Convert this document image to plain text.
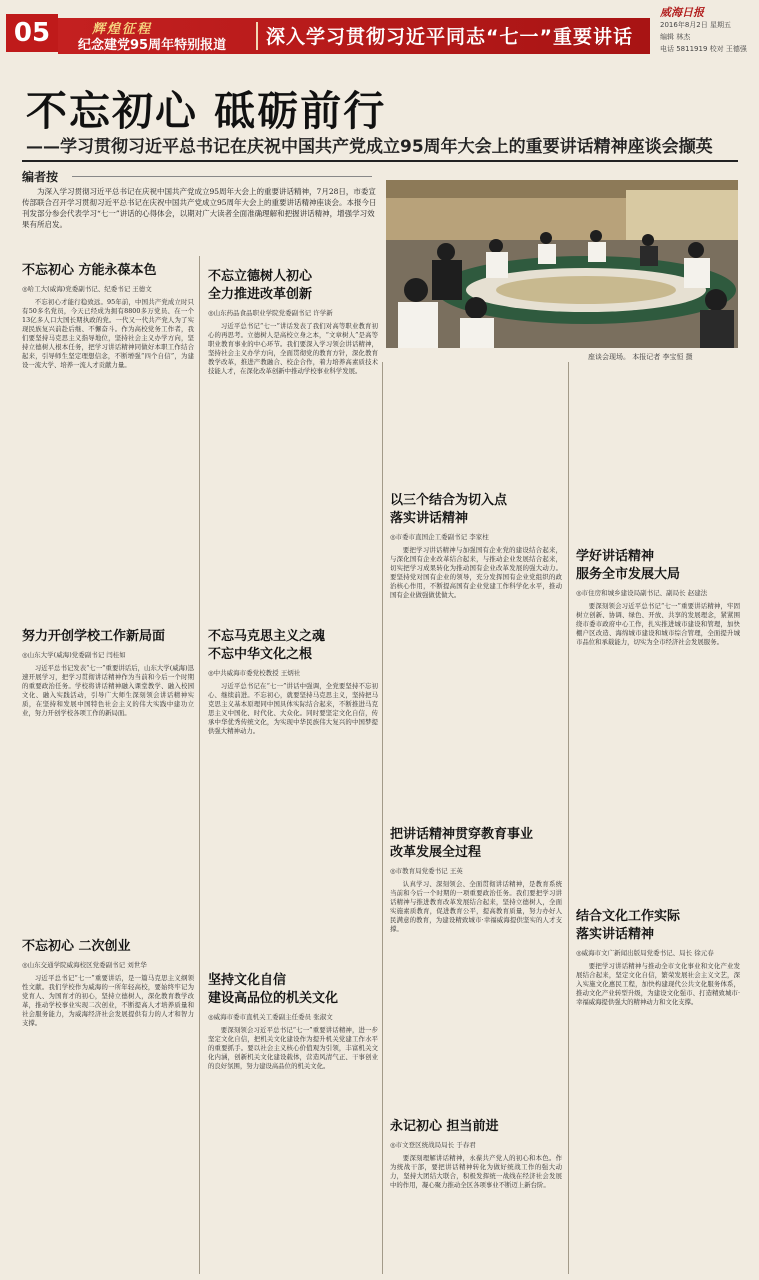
05	辉煌征程
纪念建党95周年特别报道 深入学习贯彻习近平同志“七一”重要讲话
威海日报
2016年8月2日 星期五
编辑 林杰
电话 5811919 校对 王德强
不忘初心 砥砺前行
——学习贯彻习近平总书记在庆祝中国共产党成立95周年大会上的重要讲话精神座谈会撷英
编者按
为深入学习贯彻习近平总书记在庆祝中国共产党成立95周年大会上的重要讲话精神，7月28日，市委宣传部联合召开学习贯彻习近平总书记在庆祝中国共产党成立95周年大会上的重要讲话精神座谈会。本报今日刊发部分参会代表学习“七一”讲话的心得体会，以期对广大读者全面准确理解和把握讲话精神，增强学习效果有所启发。
座谈会现场。 本报记者 李宝恒 摄
不忘初心 方能永葆本色
◎哈工大(威海)党委副书记、纪委书记 王德文

不忘初心才能行稳致远。95年前，中国共产党成立时只有50多名党员，今天已经成为拥有8800多万党员、在一个13亿多人口大国长期执政的党。一代又一代共产党人为了实现民族复兴前赴后继、不懈奋斗。作为高校党务工作者，我们要坚持马克思主义指导地位，坚持社会主义办学方向，坚持立德树人根本任务，把学习讲话精神同做好本职工作结合起来，引导师生坚定理想信念，不断增强“四个自信”，为建设一流大学、培养一流人才贡献力量。

努力开创学校工作新局面
◎山东大学(威海)党委副书记 闫桂如

习近平总书记发表“七一”重要讲话后，山东大学(威海)迅速开展学习，把学习贯彻讲话精神作为当前和今后一个时期的重要政治任务。学校将讲话精神融入课堂教学、融入校园文化、融入实践活动，引导广大师生深刻领会讲话精神实质，在坚持和发展中国特色社会主义的伟大实践中建功立业，努力开创学校各项工作的新局面。

不忘初心 二次创业
◎山东交通学院威海校区党委副书记 刘世华

习近平总书记“七一”重要讲话，是一篇马克思主义纲领性文献。我们学校作为威海的一所年轻高校，要始终牢记为党育人、为国育才的初心，坚持立德树人，深化教育教学改革，推动学校事业实现二次创业，不断提高人才培养质量和社会服务能力，为威海经济社会发展提供有力的人才和智力支撑。

不忘立德树人初心
全力推进改革创新
◎山东药品食品职业学院党委副书记 许学新

习近平总书记“七一”讲话发表了我们对高等职业教育初心的再思考。立德树人是高校立身之本，“文章树人”是高等职业教育事业的中心环节。我们要深入学习领会讲话精神，坚持社会主义办学方向，全面贯彻党的教育方针，深化教育教学改革，推进产教融合、校企合作，着力培养高素质技术技能人才，在深化改革创新中推动学校事业科学发展。

不忘马克思主义之魂
不忘中华文化之根
◎中共威海市委党校教授 王炳社

习近平总书记在“七一”讲话中强调，全党要坚持不忘初心、继续前进。不忘初心，就要坚持马克思主义，坚持把马克思主义基本原理同中国具体实际结合起来，不断推进马克思主义中国化、时代化、大众化。同时要坚定文化自信，传承中华优秀传统文化，为实现中华民族伟大复兴的中国梦提供强大精神动力。

坚持文化自信
建设高品位的机关文化
◎威海市委市直机关工委副主任委员 张淑文

要深刻领会习近平总书记“七一”重要讲话精神，进一步坚定文化自信，把机关文化建设作为提升机关党建工作水平的重要抓手。要以社会主义核心价值观为引领，丰富机关文化内涵，创新机关文化建设载体，营造风清气正、干事创业的良好氛围，努力建设高品位的机关文化。

以三个结合为切入点
落实讲话精神
◎市委市直国企工委副书记 李家柱

要把学习讲话精神与加强国有企业党的建设结合起来，与深化国有企业改革结合起来，与推动企业发展结合起来，切实把学习成果转化为推动国有企业改革发展的强大动力。要坚持党对国有企业的领导，充分发挥国有企业党组织的政治核心作用，不断提高国有企业党建工作科学化水平，推动国有企业做强做优做大。

把讲话精神贯穿教育事业
改革发展全过程
◎市教育局党委书记 王英

认真学习、深刻领会、全面贯彻讲话精神，是教育系统当前和今后一个时期的一项重要政治任务。我们要把学习讲话精神与推进教育改革发展结合起来，坚持立德树人，全面实施素质教育，促进教育公平，提高教育质量，努力办好人民满意的教育，为建设精致城市·幸福威海提供坚实的人才支撑。

永记初心 担当前进
◎市文登区统战局局长 于春君

要深刻理解讲话精神，永葆共产党人的初心和本色。作为统战干部，要把讲话精神转化为做好统战工作的强大动力，坚持大团结大联合，积极发挥统一战线在经济社会发展中的作用，凝心聚力推动全区各项事业不断迈上新台阶。

学好讲话精神
服务全市发展大局
◎市住房和城乡建设局副书记、副局长 赵建法

要深刻领会习近平总书记“七一”重要讲话精神，牢固树立创新、协调、绿色、开放、共享的发展理念，紧紧围绕市委市政府中心工作，扎实推进城市建设和管理，加快棚户区改造、海绵城市建设和城市综合管理，全面提升城市品位和承载能力，切实为全市经济社会发展服务。

结合文化工作实际
落实讲话精神
◎威海市文广新闻出版局党委书记、局长 徐元春

要把学习讲话精神与推动全市文化事业和文化产业发展结合起来，坚定文化自信，繁荣发展社会主义文艺，深入实施文化惠民工程，加快构建现代公共文化服务体系，推动文化产业转型升级，为建设文化强市、打造精致城市·幸福威海提供强大的精神动力和文化支撑。
